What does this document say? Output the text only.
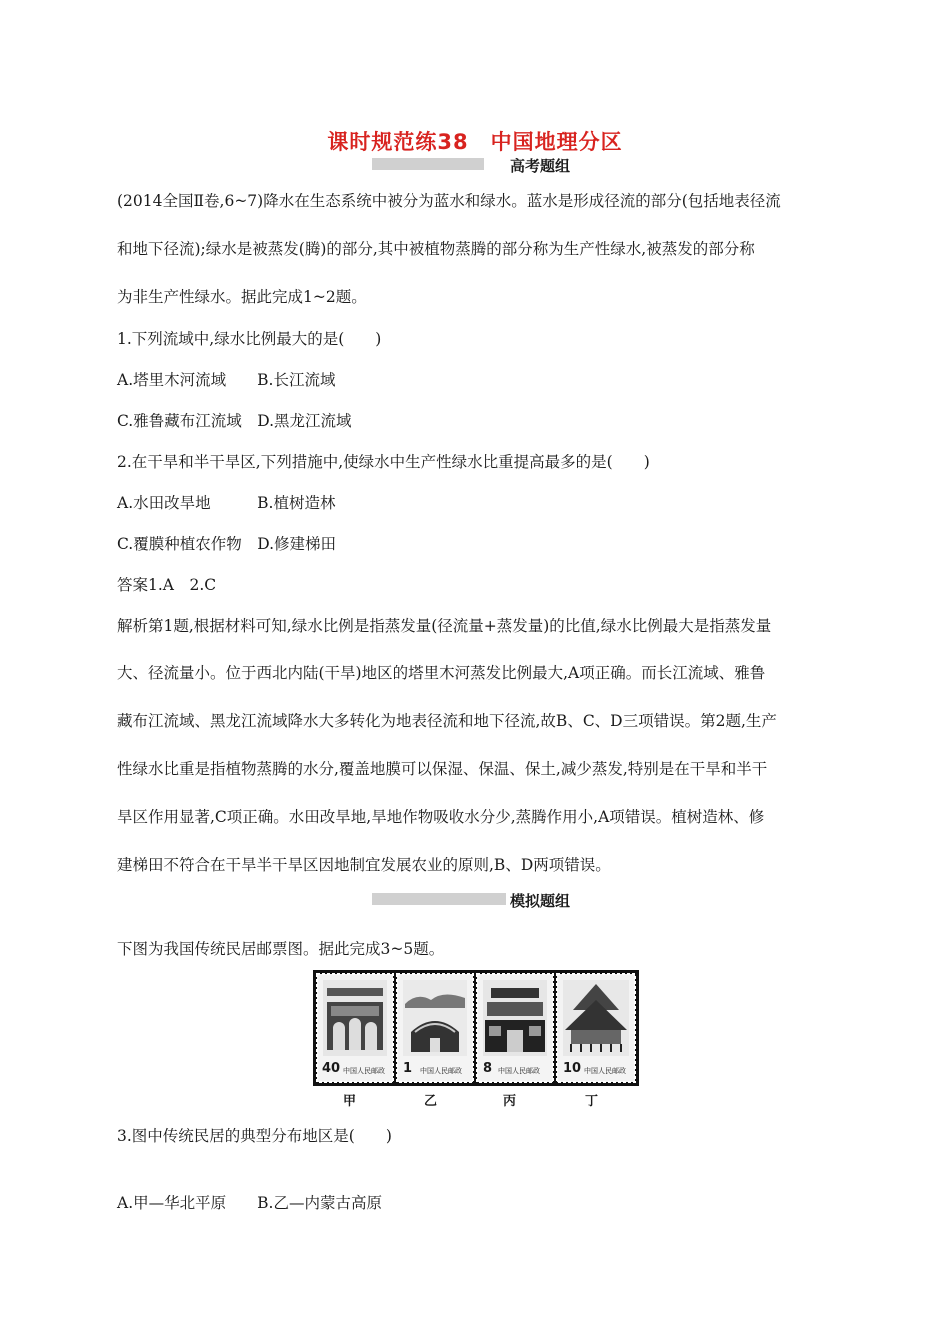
课时规范练38　中国地理分区
高考题组
(2014全国Ⅱ卷,6~7)降水在生态系统中被分为蓝水和绿水。蓝水是形成径流的部分(包括地表径流
和地下径流);绿水是被蒸发(腾)的部分,其中被植物蒸腾的部分称为生产性绿水,被蒸发的部分称
为非生产性绿水。据此完成1~2题。
1.下列流域中,绿水比例最大的是(　　)
A.塔里木河流域　　B.长江流域
C.雅鲁藏布江流域　D.黑龙江流域
2.在干旱和半干旱区,下列措施中,使绿水中生产性绿水比重提高最多的是(　　)
A.水田改旱地　　　B.植树造林
C.覆膜种植农作物　D.修建梯田
答案1.A　2.C
解析第1题,根据材料可知,绿水比例是指蒸发量(径流量+蒸发量)的比值,绿水比例最大是指蒸发量
大、径流量小。位于西北内陆(干旱)地区的塔里木河蒸发比例最大,A项正确。而长江流域、雅鲁
藏布江流域、黑龙江流域降水大多转化为地表径流和地下径流,故B、C、D三项错误。第2题,生产
性绿水比重是指植物蒸腾的水分,覆盖地膜可以保湿、保温、保土,减少蒸发,特别是在干旱和半干
旱区作用显著,C项正确。水田改旱地,旱地作物吸收水分少,蒸腾作用小,A项错误。植树造林、修
建梯田不符合在干旱半干旱区因地制宜发展农业的原则,B、D两项错误。
模拟题组
下图为我国传统民居邮票图。据此完成3~5题。
40 中国人民邮政 1 中国人民邮政 8 中国人民邮政 10 中国人民邮政
甲	乙	丙	丁
3.图中传统民居的典型分布地区是(　　)
A.甲—华北平原　　B.乙—内蒙古高原
